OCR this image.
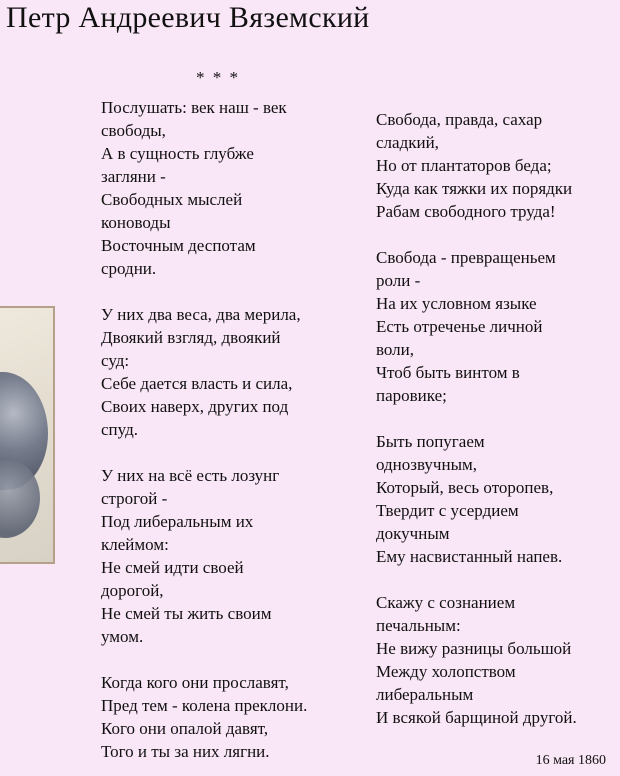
Петр Андреевич Вяземский
* * *
Послушать: век наш - век
свободы,
А в сущность глубже
загляни -
Свободных мыслей
коноводы
Восточным деспотам
сродни.
У них два веса, два мерила,
Двоякий взгляд, двоякий
суд:
Себе дается власть и сила,
Своих наверх, других под
спуд.
У них на всё есть лозунг
строгой -
Под либеральным их
клеймом:
Не смей идти своей
дорогой,
Не смей ты жить своим
умом.
Когда кого они прославят,
Пред тем - колена преклони.
Кого они опалой давят,
Того и ты за них лягни.
Свобода, правда, сахар
сладкий,
Но от плантаторов беда;
Куда как тяжки их порядки
Рабам свободного труда!
Свобода - превращеньем
роли -
На их условном языке
Есть отреченье личной
воли,
Чтоб быть винтом в
паровике;
Быть попугаем
однозвучным,
Который, весь оторопев,
Твердит с усердием
докучным
Ему насвистанный напев.
Скажу с сознанием
печальным:
Не вижу разницы большой
Между холопством
либеральным
И всякой барщиной другой.
16 мая 1860
